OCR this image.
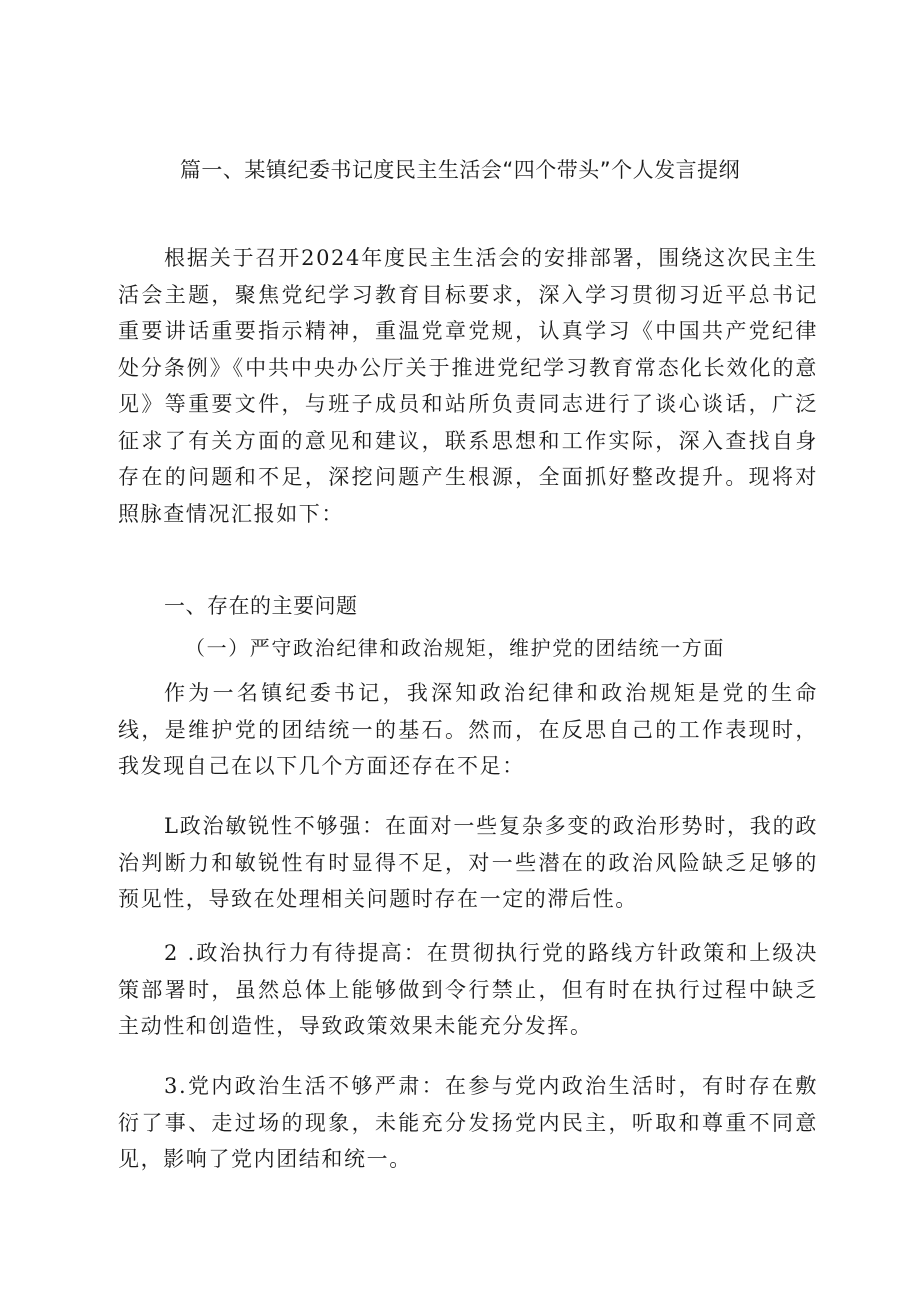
篇一、某镇纪委书记度民主生活会“四个带头”个人发言提纲

根据关于召开2024年度民主生活会的安排部署，围绕这次民主生活会主题，聚焦党纪学习教育目标要求，深入学习贯彻习近平总书记重要讲话重要指示精神，重温党章党规，认真学习《中国共产党纪律处分条例》《中共中央办公厅关于推进党纪学习教育常态化长效化的意见》等重要文件，与班子成员和站所负责同志进行了谈心谈话，广泛征求了有关方面的意见和建议，联系思想和工作实际，深入查找自身存在的问题和不足，深挖问题产生根源，全面抓好整改提升。现将对照脉查情况汇报如下：

一、存在的主要问题
（一）严守政治纪律和政治规矩，维护党的团结统一方面

作为一名镇纪委书记，我深知政治纪律和政治规矩是党的生命线，是维护党的团结统一的基石。然而，在反思自己的工作表现时，我发现自己在以下几个方面还存在不足：

L政治敏锐性不够强：在面对一些复杂多变的政治形势时，我的政治判断力和敏锐性有时显得不足，对一些潜在的政治风险缺乏足够的预见性，导致在处理相关问题时存在一定的滞后性。

2 .政治执行力有待提高：在贯彻执行党的路线方针政策和上级决策部署时，虽然总体上能够做到令行禁止，但有时在执行过程中缺乏主动性和创造性，导致政策效果未能充分发挥。

3.党内政治生活不够严肃：在参与党内政治生活时，有时存在敷衍了事、走过场的现象，未能充分发扬党内民主，听取和尊重不同意见，影响了党内团结和统一。
